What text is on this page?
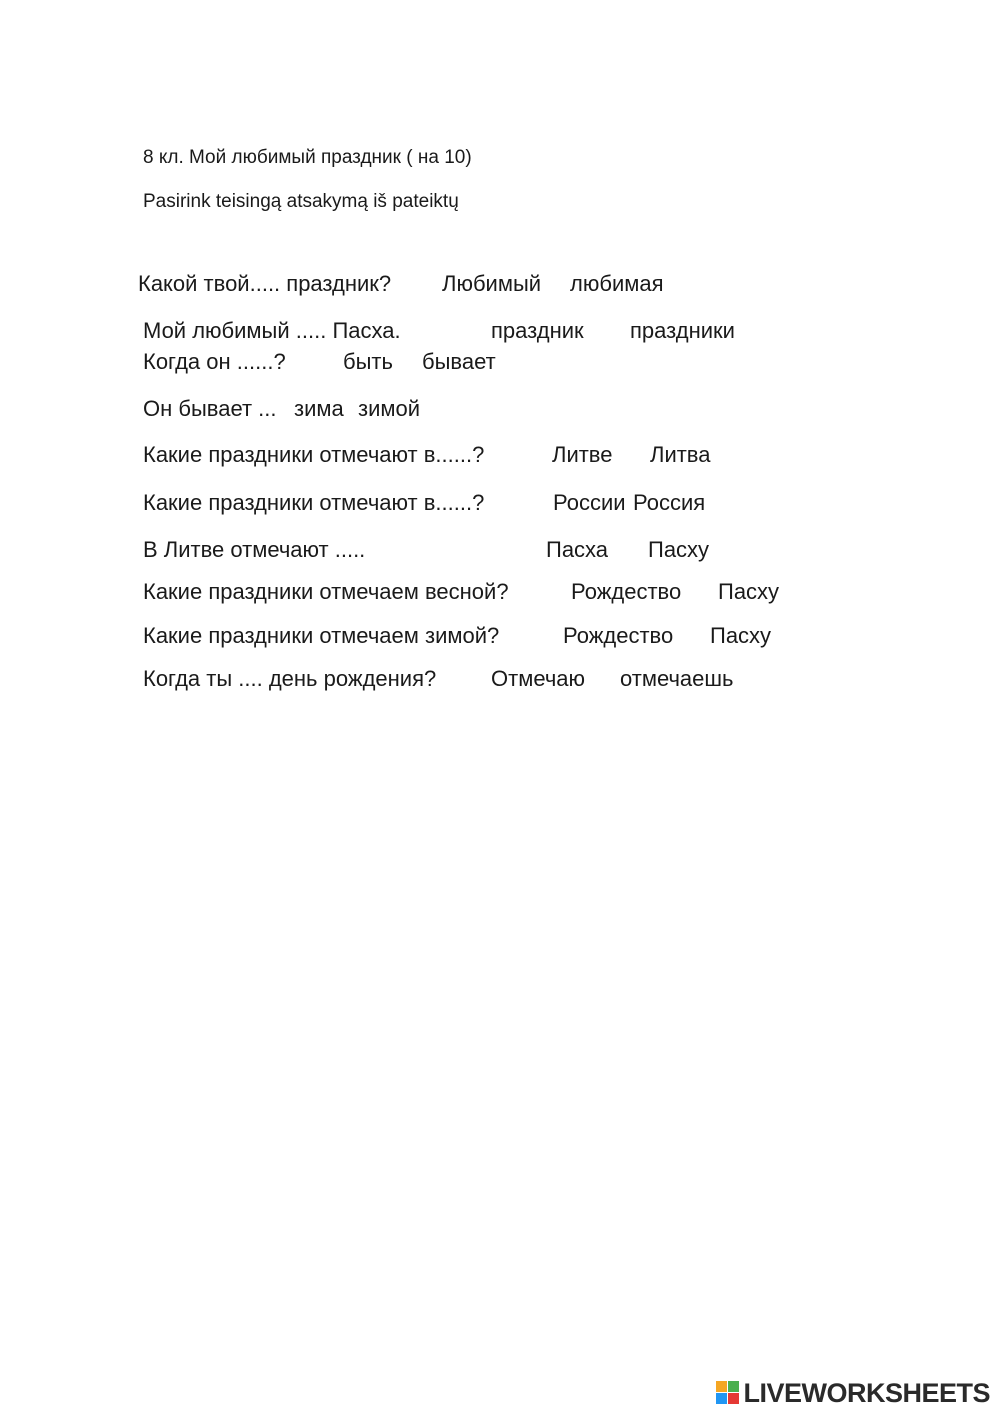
8 кл. Мой любимый праздник ( на 10)
Pasirink teisingą atsakymą iš pateiktų
Какой твой..... праздник? Любимый любимая
Мой любимый ..... Пасха.	праздник праздники
Когда он ......?	быть бывает
Он бывает ... зима зимой
Какие праздники отмечают в......?	Литве Литва
Какие праздники отмечают в......?	России Россия
В Литве отмечают .....	Пасха Пасху
Какие праздники отмечаем весной?	Рождество Пасху
Какие праздники отмечаем зимой?	Рождество Пасху
Когда ты .... день рождения? Отмечаю отмечаешь
LIVEWORKSHEETS
